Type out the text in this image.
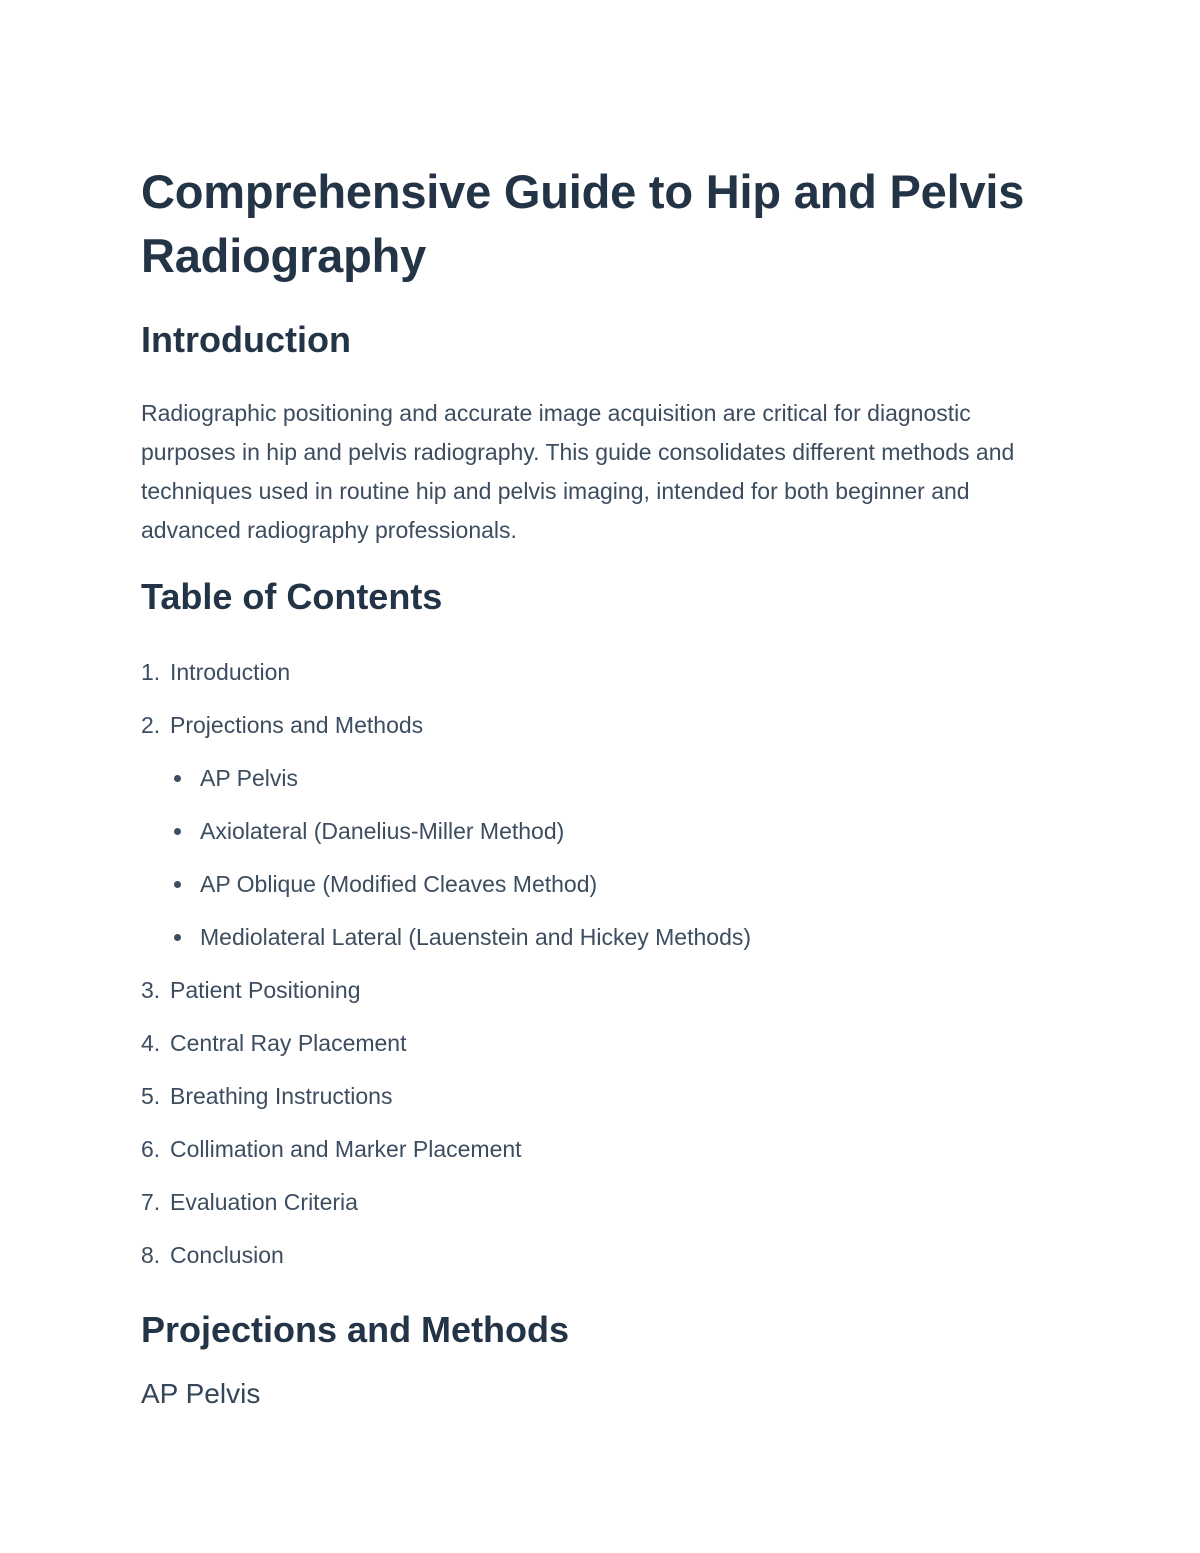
Comprehensive Guide to Hip and Pelvis Radiography
Introduction

Radiographic positioning and accurate image acquisition are critical for diagnostic purposes in hip and pelvis radiography. This guide consolidates different methods and techniques used in routine hip and pelvis imaging, intended for both beginner and advanced radiography professionals.

Table of Contents
1. Introduction
2. Projections and Methods
AP Pelvis
Axiolateral (Danelius-Miller Method)
AP Oblique (Modified Cleaves Method)
Mediolateral Lateral (Lauenstein and Hickey Methods)
3. Patient Positioning
4. Central Ray Placement
5. Breathing Instructions
6. Collimation and Marker Placement
7. Evaluation Criteria
8. Conclusion
Projections and Methods
AP Pelvis
